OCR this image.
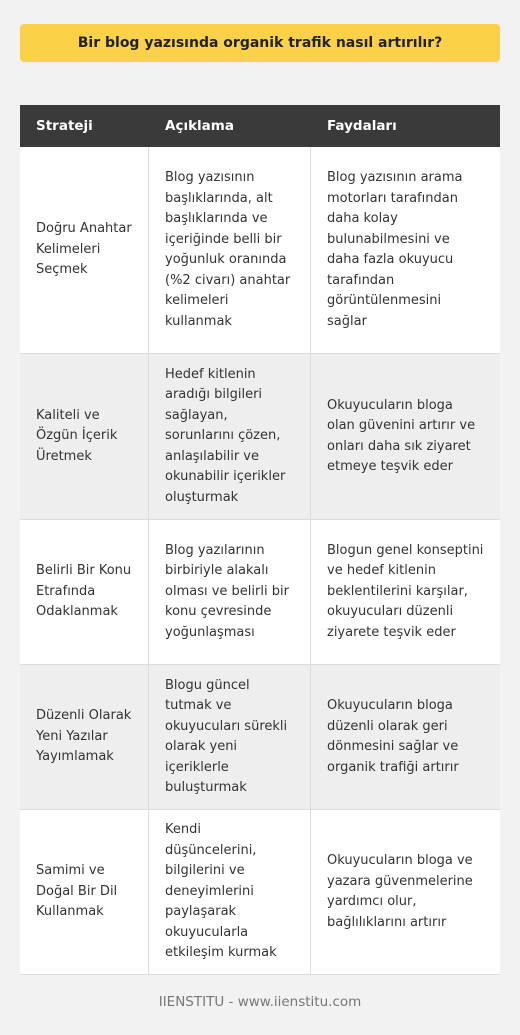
Bir blog yazısında organik trafik nasıl artırılır?
Strateji	Açıklama	Faydaları
Doğru Anahtar Kelimeleri Seçmek
Blog yazısının başlıklarında, alt başlıklarında ve içeriğinde belli bir yoğunluk oranında (%2 civarı) anahtar kelimeleri kullanmak
Blog yazısının arama motorları tarafından daha kolay bulunabilmesini ve daha fazla okuyucu tarafından görüntülenmesini sağlar
Kaliteli ve Özgün İçerik Üretmek
Hedef kitlenin aradığı bilgileri sağlayan, sorunlarını çözen, anlaşılabilir ve okunabilir içerikler oluşturmak
Okuyucuların bloga olan güvenini artırır ve onları daha sık ziyaret etmeye teşvik eder
Belirli Bir Konu Etrafında Odaklanmak
Blog yazılarının birbiriyle alakalı olması ve belirli bir konu çevresinde yoğunlaşması
Blogun genel konseptini ve hedef kitlenin beklentilerini karşılar, okuyucuları düzenli ziyarete teşvik eder
Düzenli Olarak Yeni Yazılar Yayımlamak
Blogu güncel tutmak ve okuyucuları sürekli olarak yeni içeriklerle buluşturmak
Okuyucuların bloga düzenli olarak geri dönmesini sağlar ve organik trafiği artırır
Samimi ve Doğal Bir Dil Kullanmak
Kendi düşüncelerini, bilgilerini ve deneyimlerini paylaşarak okuyucularla etkileşim kurmak
Okuyucuların bloga ve yazara güvenmelerine yardımcı olur, bağlılıklarını artırır
IIENSTITU - www.iienstitu.com
